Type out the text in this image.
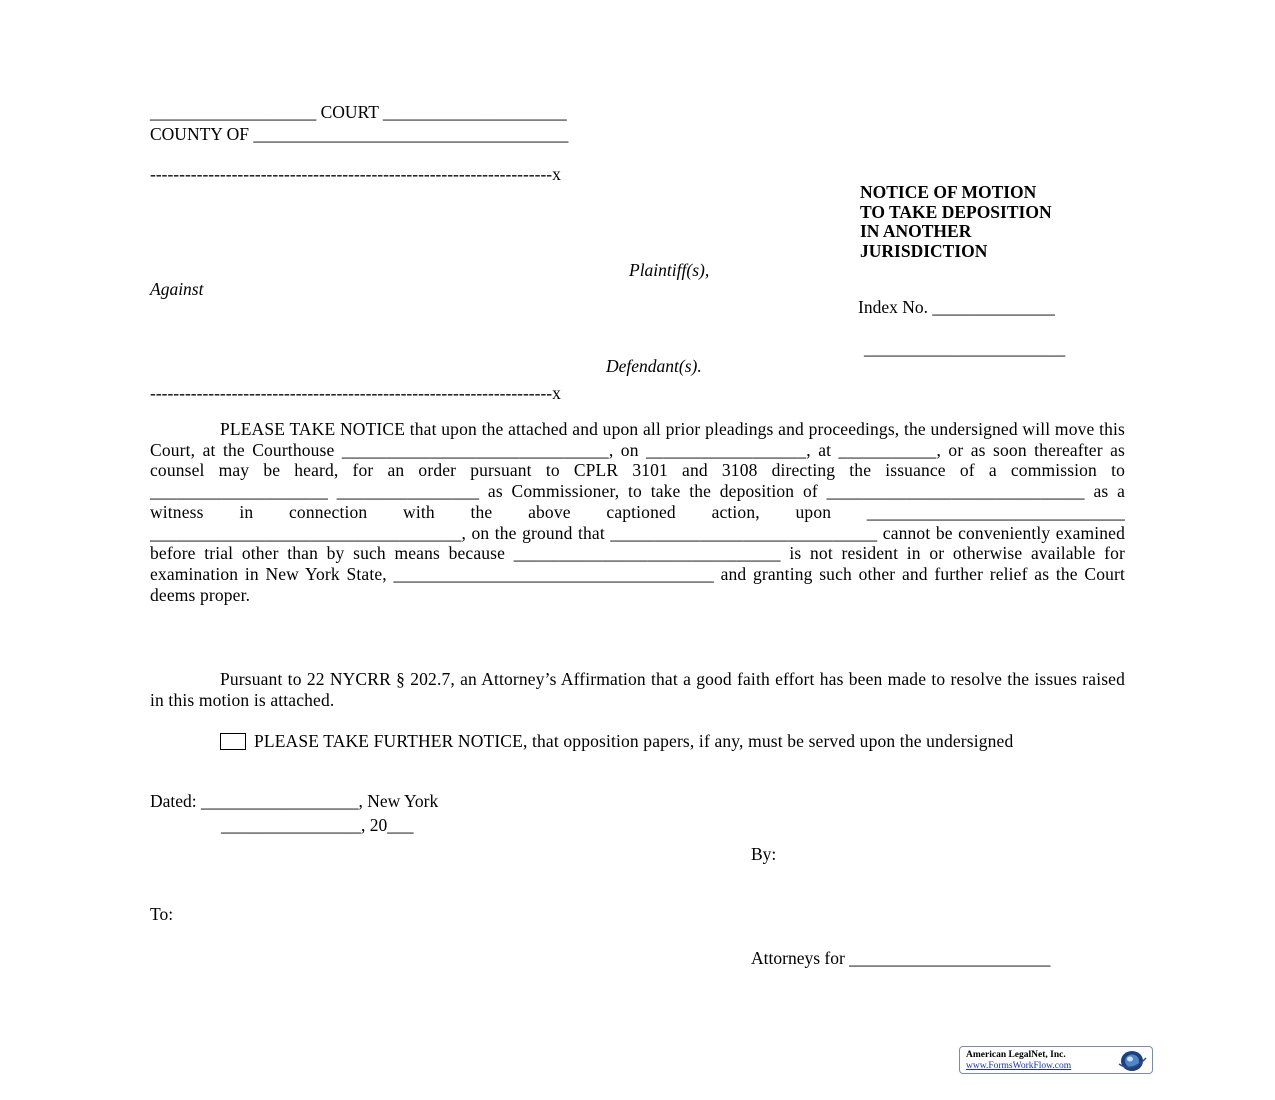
___________________ COURT _____________________
COUNTY OF ____________________________________
---------------------------------------------------------------------x
NOTICE OF MOTION
TO TAKE DEPOSITION
IN ANOTHER
JURISDICTION
Plaintiff(s),
Against
Index No. ______________
_______________________
Defendant(s).
---------------------------------------------------------------------x
PLEASE TAKE NOTICE that upon the attached and upon all prior pleadings and proceedings, the undersigned will move this Court, at the Courthouse ______________________________, on __________________, at ___________, or as soon thereafter as counsel may be heard, for an order pursuant to CPLR 3101 and 3108 directing the issuance of a commission to ____________________ ________________ as Commissioner, to take the deposition of _____________________________ as a witness in connection with the above captioned action, upon _____________________________ ___________________________________, on the ground that ______________________________ cannot be conveniently examined before trial other than by such means because ______________________________ is not resident in or otherwise available for examination in New York State, ____________________________________ and granting such other and further relief as the Court deems proper.
Pursuant to 22 NYCRR § 202.7, an Attorney’s Affirmation that a good faith effort has been made to resolve the issues raised in this motion is attached.
PLEASE TAKE FURTHER NOTICE, that opposition papers, if any, must be served upon the undersigned
Dated: __________________, New York
________________, 20___
By:
To:
Attorneys for _______________________
American LegalNet, Inc.
www.FormsWorkFlow.com
